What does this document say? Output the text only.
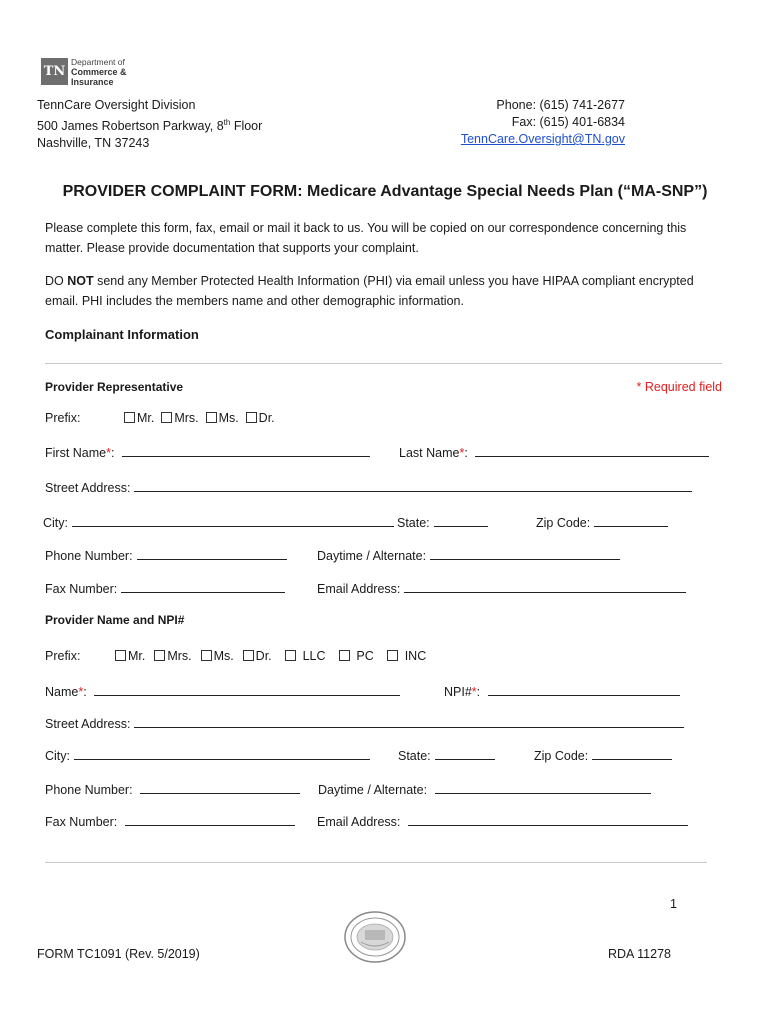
TN
Department of
Commerce &
Insurance
TennCare Oversight Division
500 James Robertson Parkway, 8th Floor
Nashville, TN 37243
Phone: (615) 741-2677
Fax: (615) 401-6834
TennCare.Oversight@TN.gov
PROVIDER COMPLAINT FORM: Medicare Advantage Special Needs Plan (“MA-SNP”)
Please complete this form, fax, email or mail it back to us. You will be copied on our correspondence concerning this matter. Please provide documentation that supports your complaint.
DO NOT send any Member Protected Health Information (PHI) via email unless you have HIPAA compliant encrypted email. PHI includes the members name and other demographic information.
Complainant Information
Provider Representative	* Required field
Prefix:	Mr. Mrs. Ms. Dr.
First Name*:	Last Name*:
Street Address:
City:	State:	Zip Code:
Phone Number:	Daytime / Alternate:
Fax Number:	Email Address:
Provider Name and NPI#
Prefix:	Mr. Mrs. Ms. Dr. LLC PC INC
Name*:	NPI#*:
Street Address:
City:	State:	Zip Code:
Phone Number:	Daytime / Alternate:
Fax Number:	Email Address:
1
FORM TC1091 (Rev. 5/2019)	RDA 11278
